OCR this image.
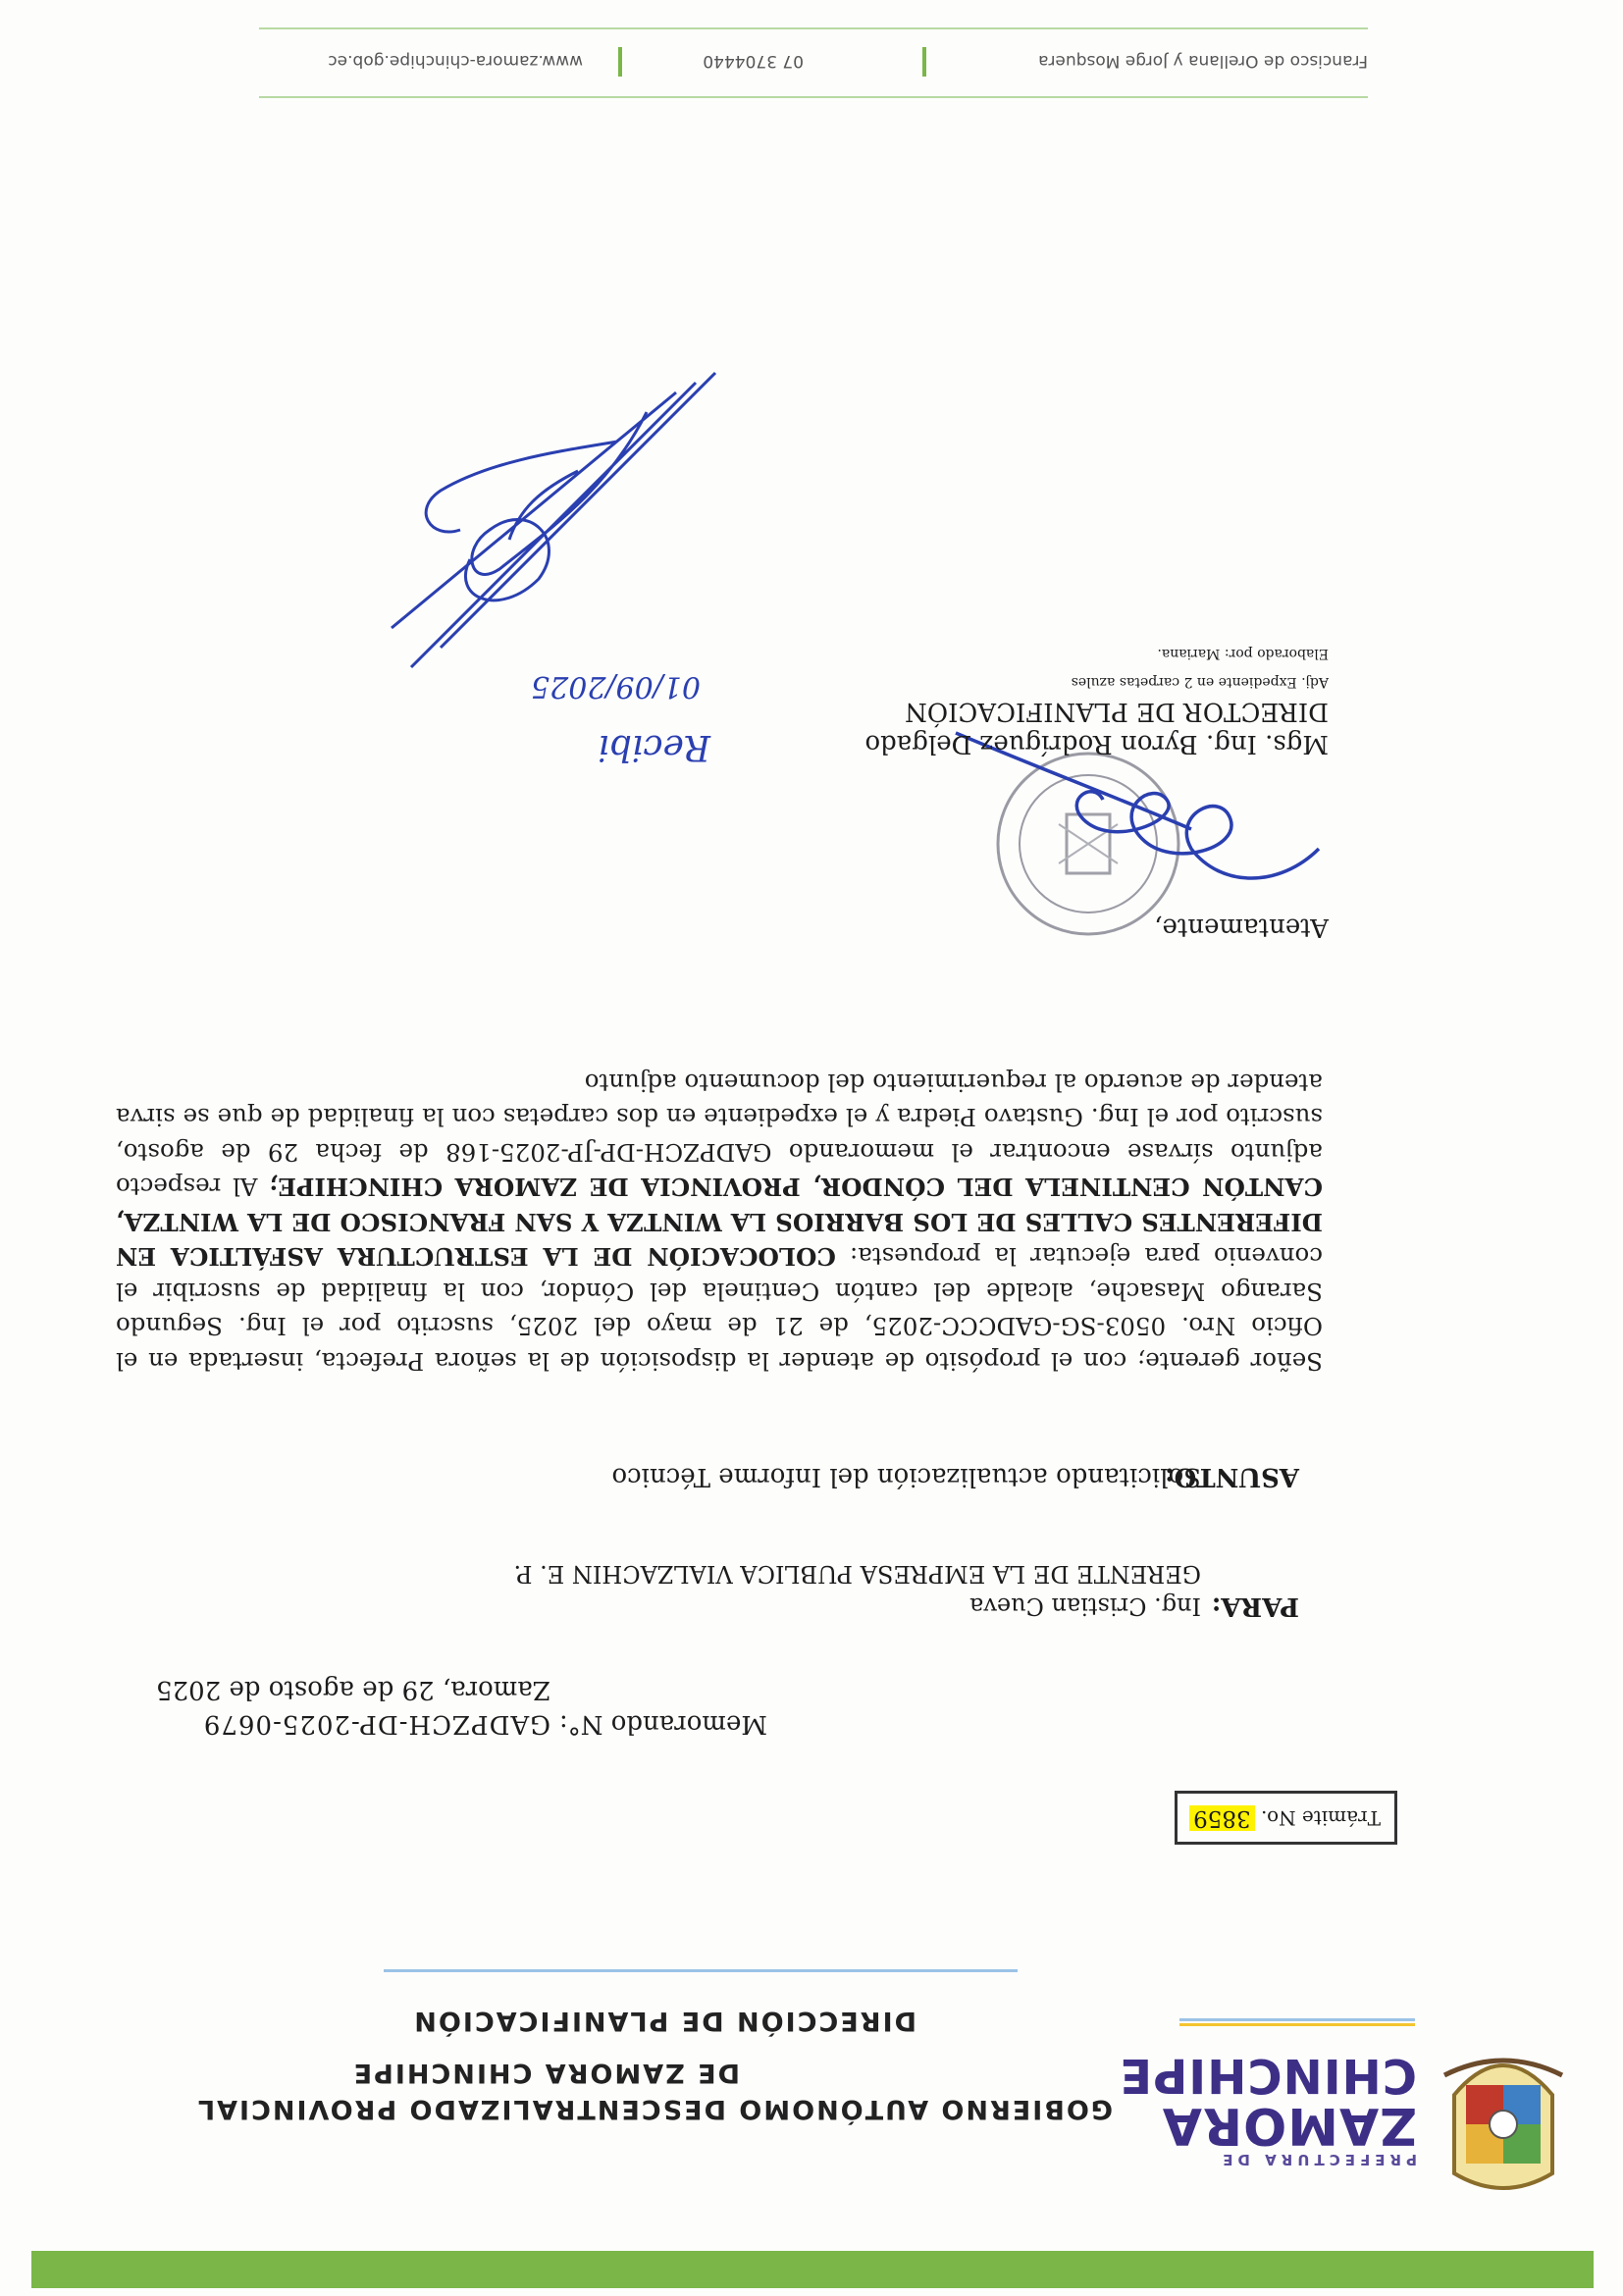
PREFECTURA DE
ZAMORA
CHINCHIPE
GOBIERNO AUTÓNOMO DESCENTRALIZADO PROVINCIAL
DE ZAMORA CHINCHIPE
DIRECCIÓN DE PLANIFICACIÓN
Trámite No. 3859
Memorando N°:
GADPZCH-DP-2025-0679
Zamora, 29 de agosto de 2025
PARA:
Ing. Cristian Cueva
GERENTE DE LA EMPRESA PUBLICA VIALZACHIN E. P.
ASUNTO:
Solicitando actualización del Informe Técnico
Señor gerente; con el propósito de atender la disposición de la señora Prefecta, insertada en el Oficio Nro. 0503-SG-GADCCC-2025, de 21 de mayo del 2025, suscrito por el Ing. Segundo Sarango Masache, alcalde del cantón Centinela del Cóndor, con la finalidad de suscribir el convenio para ejecutar la propuesta: COLOCACIÓN DE LA ESTRUCTURA ASFÁLTICA EN DIFERENTES CALLES DE LOS BARRIOS LA WINTZA Y SAN FRANCISCO DE LA WINTZA, CANTÓN CENTINELA DEL CÓNDOR, PROVINCIA DE ZAMORA CHINCHIPE; Al respecto adjunto sírvase encontrar el memorando GADPZCH-DP-JP-2025-168 de fecha 29 de agosto, suscrito por el Ing. Gustavo Piedra y el expediente en dos carpetas con la finalidad de que se sirva atender de acuerdo al requerimiento del documento adjunto
Atentamente,
Mgs. Ing. Byron Rodríguez Delgado
DIRECTOR DE PLANIFICACIÓN
Adj. Expediente en 2 carpetas azules
Elaborado por: Mariana.
Recibi
01/09/2025
Francisco de Orellana y Jorge Mosquera
07 3704440
www.zamora-chinchipe.gob.ec
